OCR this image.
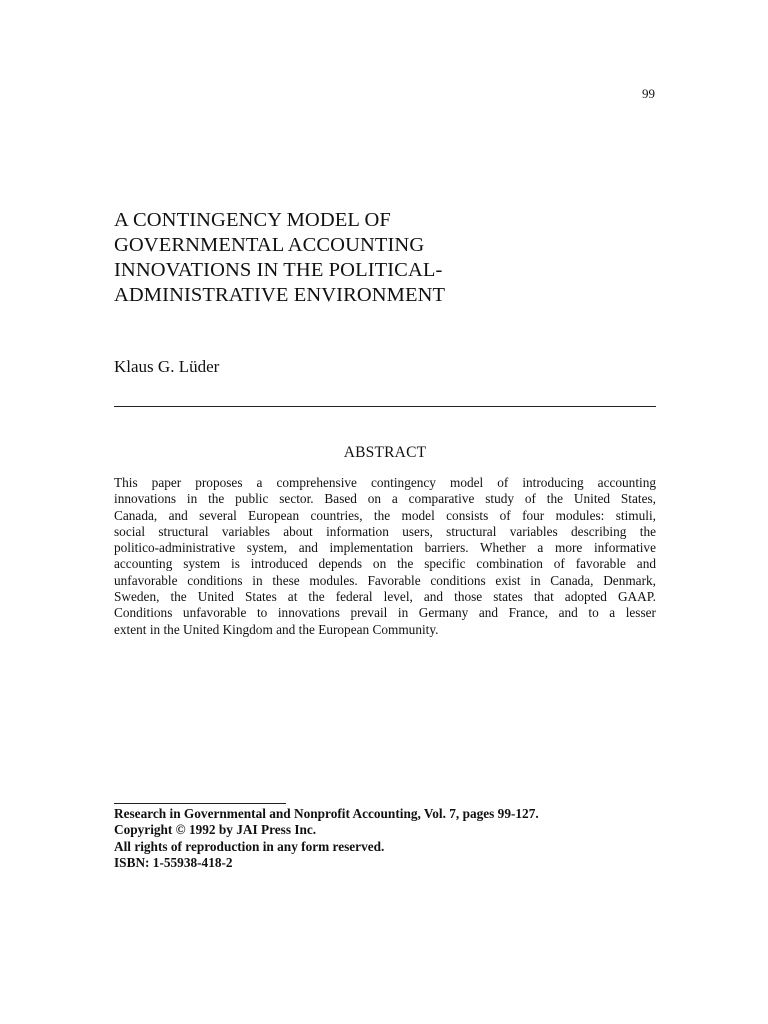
99
A CONTINGENCY MODEL OF
GOVERNMENTAL ACCOUNTING
INNOVATIONS IN THE POLITICAL-
ADMINISTRATIVE ENVIRONMENT
Klaus G. Lüder
ABSTRACT
This paper proposes a comprehensive contingency model of introducing accounting
innovations in the public sector. Based on a comparative study of the United States,
Canada, and several European countries, the model consists of four modules: stimuli,
social structural variables about information users, structural variables describing the
politico-administrative system, and implementation barriers. Whether a more informative
accounting system is introduced depends on the specific combination of favorable and
unfavorable conditions in these modules. Favorable conditions exist in Canada, Denmark,
Sweden, the United States at the federal level, and those states that adopted GAAP.
Conditions unfavorable to innovations prevail in Germany and France, and to a lesser
extent in the United Kingdom and the European Community.
Research in Governmental and Nonprofit Accounting, Vol. 7, pages 99-127.
Copyright © 1992 by JAI Press Inc.
All rights of reproduction in any form reserved.
ISBN: 1-55938-418-2
